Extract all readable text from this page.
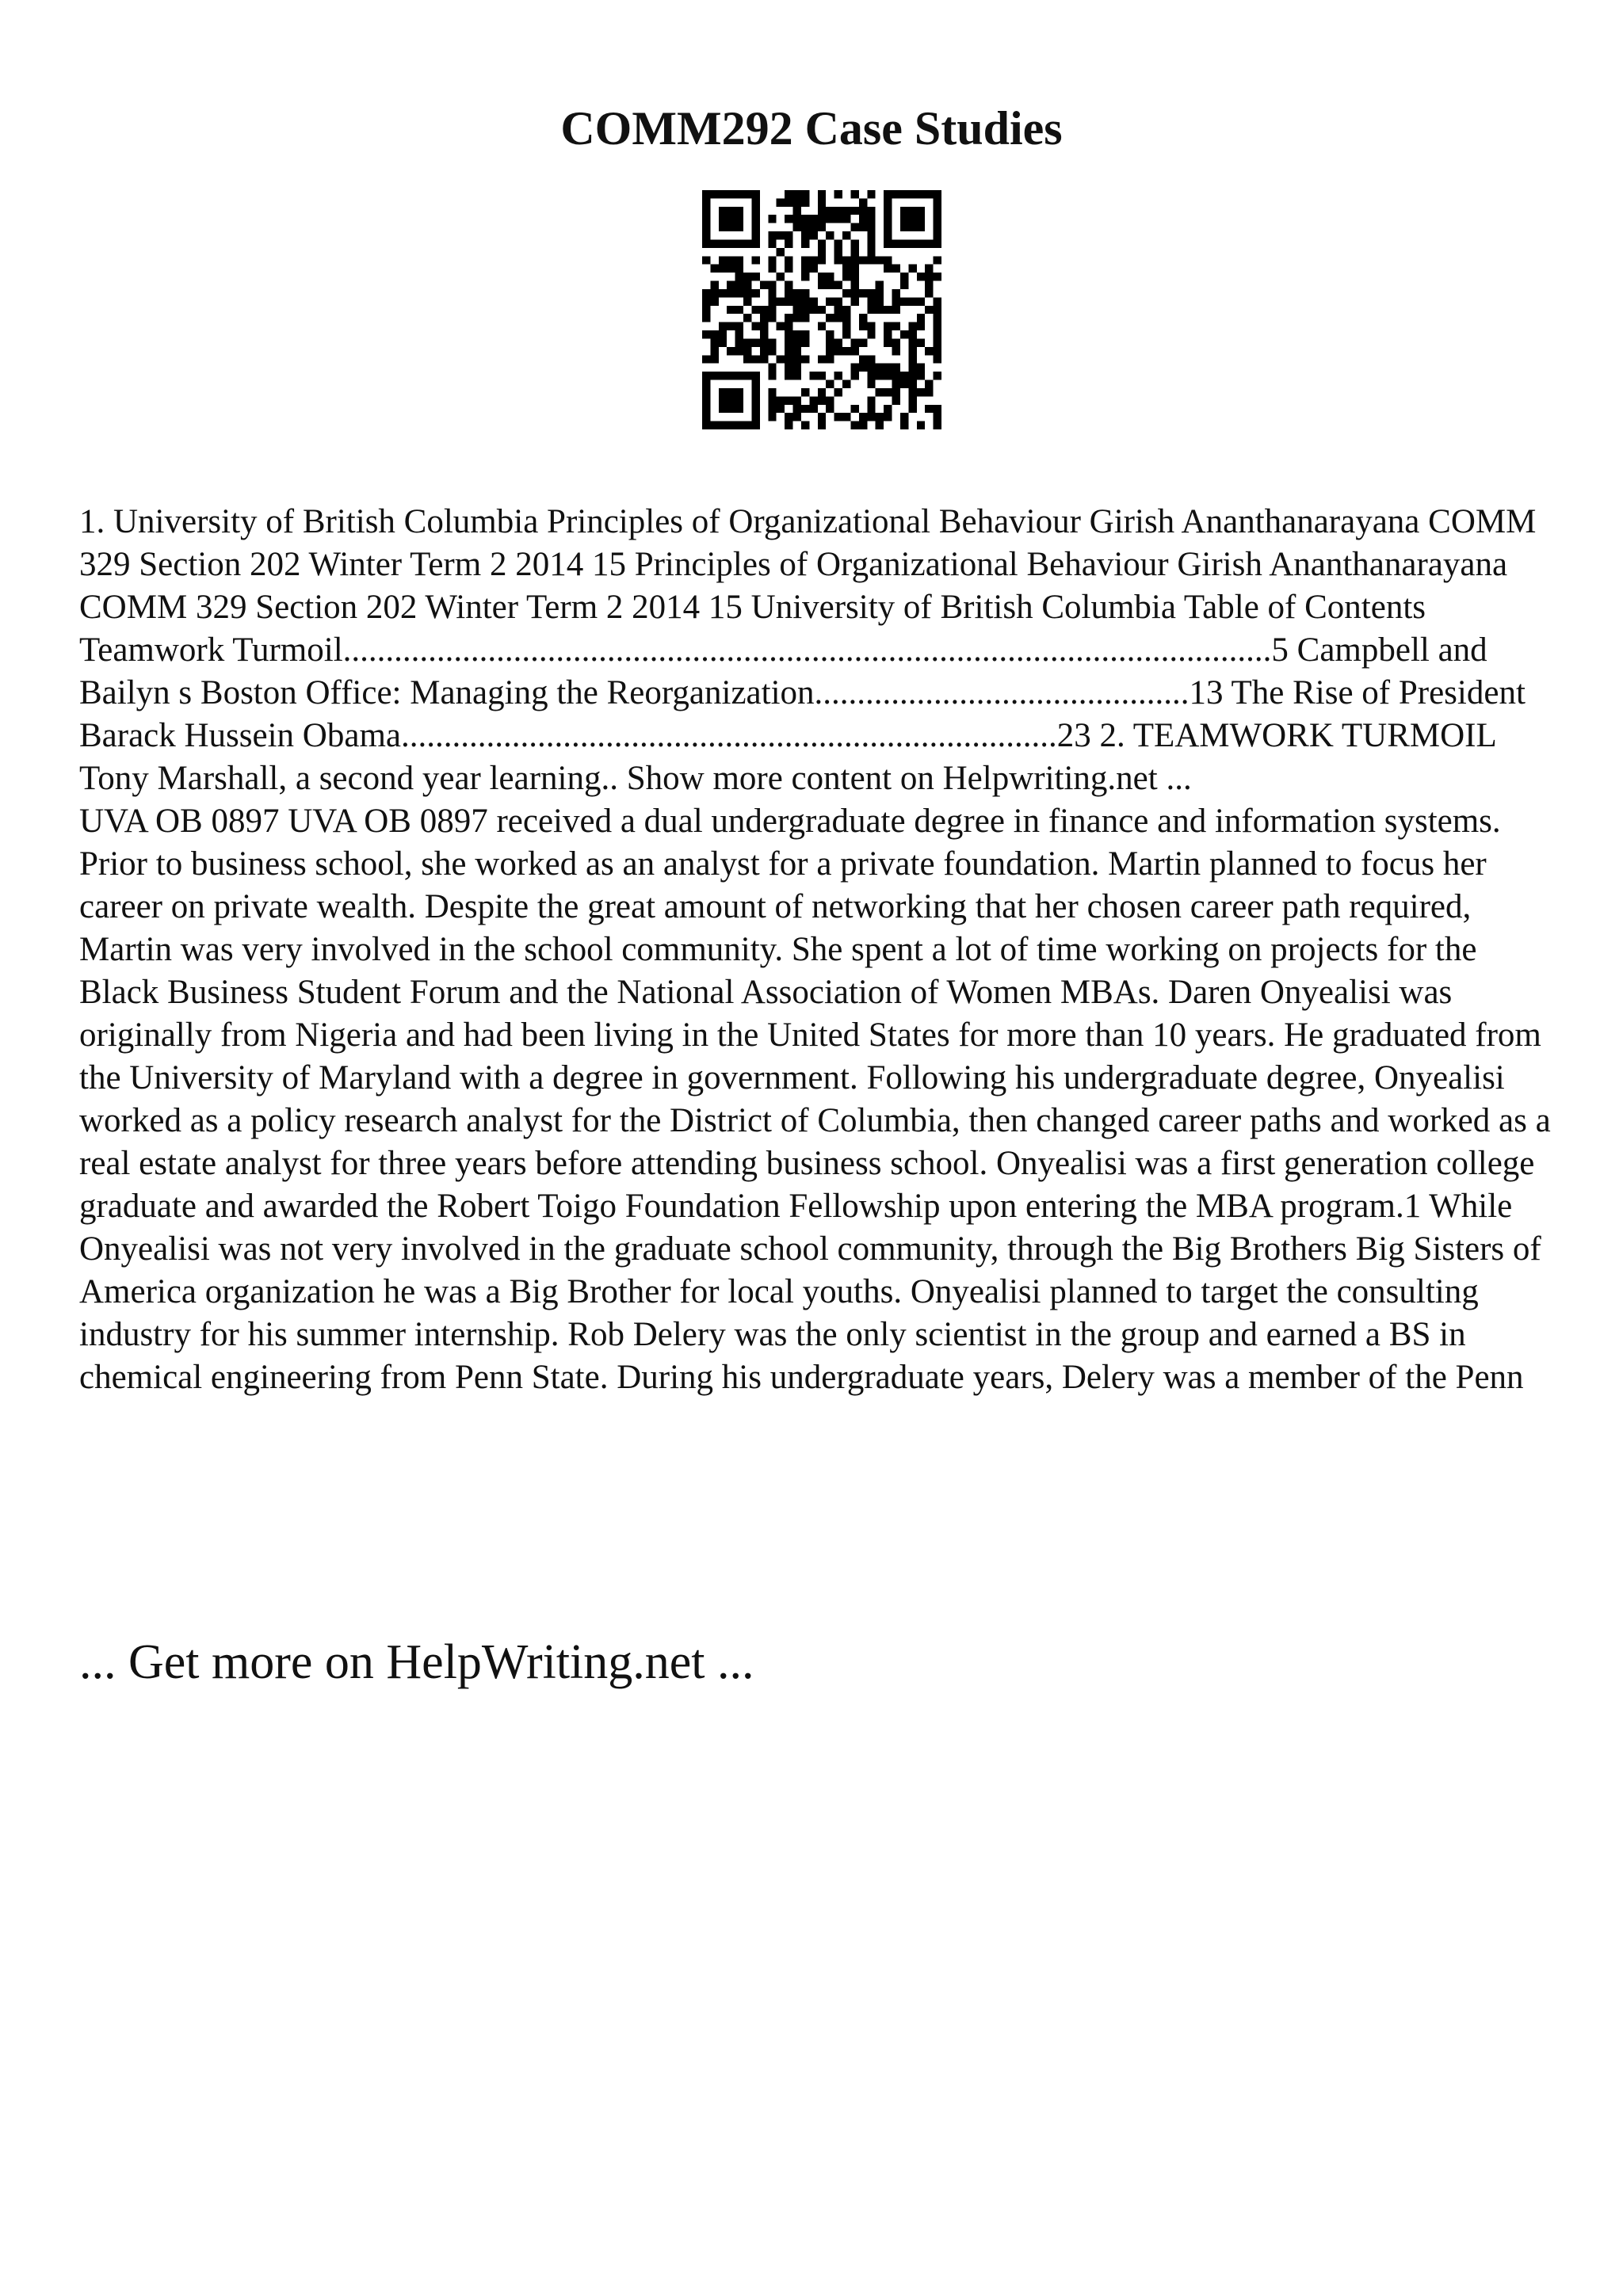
COMM292 Case Studies

1. University of British Columbia Principles of Organizational Behaviour Girish Ananthanarayana COMM 329 Section 202 Winter Term 2 2014 15 Principles of Organizational Behaviour Girish Ananthanarayana COMM 329 Section 202 Winter Term 2 2014 15 University of British Columbia Table of Contents Teamwork Turmoil.............................................................................................................5 Campbell and Bailyn s Boston Office: Managing the Reorganization............................................13 The Rise of President Barack Hussein Obama.............................................................................23 2. TEAMWORK TURMOIL Tony Marshall, a second year learning.. Show more content on Helpwriting.net ...

UVA OB 0897 UVA OB 0897 received a dual undergraduate degree in finance and information systems. Prior to business school, she worked as an analyst for a private foundation. Martin planned to focus her career on private wealth. Despite the great amount of networking that her chosen career path required, Martin was very involved in the school community. She spent a lot of time working on projects for the Black Business Student Forum and the National Association of Women MBAs. Daren Onyealisi was originally from Nigeria and had been living in the United States for more than 10 years. He graduated from the University of Maryland with a degree in government. Following his undergraduate degree, Onyealisi worked as a policy research analyst for the District of Columbia, then changed career paths and worked as a real estate analyst for three years before attending business school. Onyealisi was a first generation college graduate and awarded the Robert Toigo Foundation Fellowship upon entering the MBA program.1 While Onyealisi was not very involved in the graduate school community, through the Big Brothers Big Sisters of America organization he was a Big Brother for local youths. Onyealisi planned to target the consulting industry for his summer internship. Rob Delery was the only scientist in the group and earned a BS in chemical engineering from Penn State. During his undergraduate years, Delery was a member of the Penn

... Get more on HelpWriting.net ...
